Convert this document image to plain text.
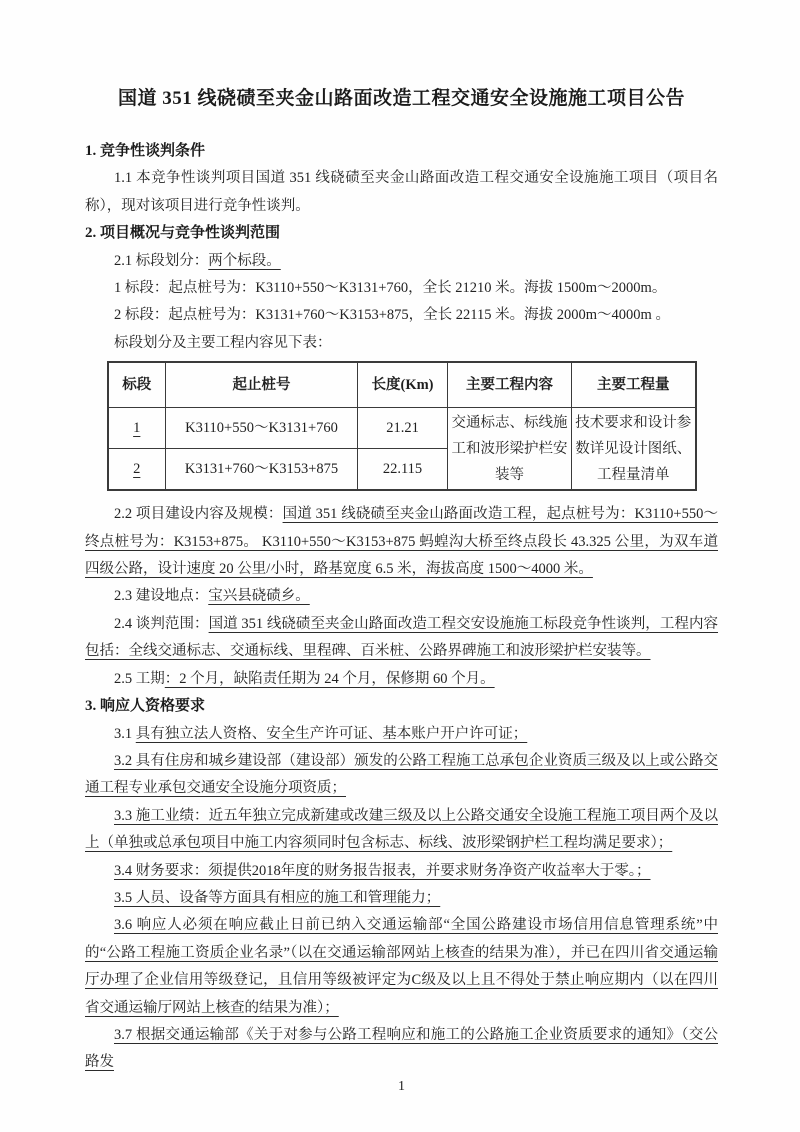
国道 351 线硗碛至夹金山路面改造工程交通安全设施施工项目公告
1. 竞争性谈判条件

1.1 本竞争性谈判项目国道 351 线硗碛至夹金山路面改造工程交通安全设施施工项目（项目名称），现对该项目进行竞争性谈判。

2. 项目概况与竞争性谈判范围

2.1 标段划分：两个标段。

1 标段：起点桩号为：K3110+550～K3131+760，全长 21210 米。海拔 1500m～2000m。

2 标段：起点桩号为：K3131+760～K3153+875，全长 22115 米。海拔 2000m～4000m 。

标段划分及主要工程内容见下表：

标段	起止桩号	长度(Km)	主要工程内容	主要工程量
1	K3110+550～K3131+760	21.21	交通标志、标线施工和波形梁护栏安装等	技术要求和设计参数详见设计图纸、工程量清单
2	K3131+760～K3153+875	22.115		

2.2 项目建设内容及规模：国道 351 线硗碛至夹金山路面改造工程，起点桩号为：K3110+550～终点桩号为：K3153+875。 K3110+550～K3153+875 蚂蝗沟大桥至终点段长 43.325 公里，为双车道四级公路，设计速度 20 公里/小时，路基宽度 6.5 米，海拔高度 1500～4000 米。

2.3 建设地点：宝兴县硗碛乡。

2.4 谈判范围：国道 351 线硗碛至夹金山路面改造工程交安设施施工标段竞争性谈判，工程内容包括：全线交通标志、交通标线、里程碑、百米桩、公路界碑施工和波形梁护栏安装等。

2.5 工期：2 个月，缺陷责任期为 24 个月，保修期 60 个月。

3. 响应人资格要求

3.1 具有独立法人资格、安全生产许可证、基本账户开户许可证；

3.2 具有住房和城乡建设部（建设部）颁发的公路工程施工总承包企业资质三级及以上或公路交通工程专业承包交通安全设施分项资质；

3.3 施工业绩：近五年独立完成新建或改建三级及以上公路交通安全设施工程施工项目两个及以上（单独或总承包项目中施工内容须同时包含标志、标线、波形梁钢护栏工程均满足要求）；

3.4 财务要求：须提供2018年度的财务报告报表，并要求财务净资产收益率大于零。；

3.5 人员、设备等方面具有相应的施工和管理能力；

3.6 响应人必须在响应截止日前已纳入交通运输部“全国公路建设市场信用信息管理系统”中的“公路工程施工资质企业名录”（以在交通运输部网站上核查的结果为准），并已在四川省交通运输厅办理了企业信用等级登记，且信用等级被评定为C级及以上且不得处于禁止响应期内（以在四川省交通运输厅网站上核查的结果为准）；

3.7 根据交通运输部《关于对参与公路工程响应和施工的公路施工企业资质要求的通知》（交公路发

1
